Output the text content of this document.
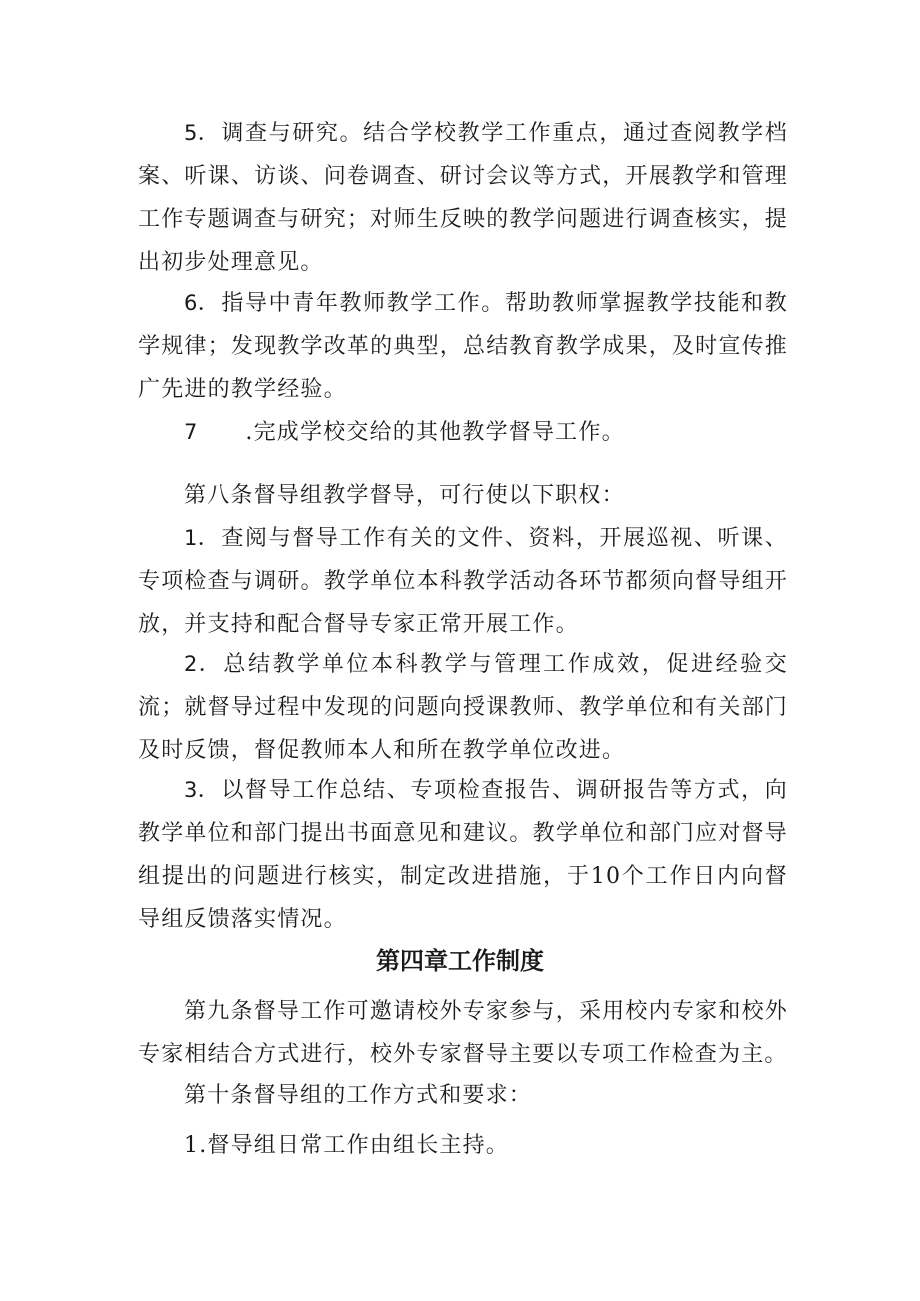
5．调查与研究。结合学校教学工作重点，通过查阅教学档案、听课、访谈、问卷调查、研讨会议等方式，开展教学和管理工作专题调查与研究；对师生反映的教学问题进行调查核实，提出初步处理意见。

6．指导中青年教师教学工作。帮助教师掌握教学技能和教学规律；发现教学改革的典型，总结教育教学成果，及时宣传推广先进的教学经验。

7 .完成学校交给的其他教学督导工作。

第八条督导组教学督导，可行使以下职权：

1．查阅与督导工作有关的文件、资料，开展巡视、听课、专项检查与调研。教学单位本科教学活动各环节都须向督导组开放，并支持和配合督导专家正常开展工作。

2．总结教学单位本科教学与管理工作成效，促进经验交流；就督导过程中发现的问题向授课教师、教学单位和有关部门及时反馈，督促教师本人和所在教学单位改进。

3．以督导工作总结、专项检查报告、调研报告等方式，向教学单位和部门提出书面意见和建议。教学单位和部门应对督导组提出的问题进行核实，制定改进措施，于10个工作日内向督导组反馈落实情况。

第四章工作制度

第九条督导工作可邀请校外专家参与，采用校内专家和校外专家相结合方式进行，校外专家督导主要以专项工作检查为主。

第十条督导组的工作方式和要求：

1.督导组日常工作由组长主持。
